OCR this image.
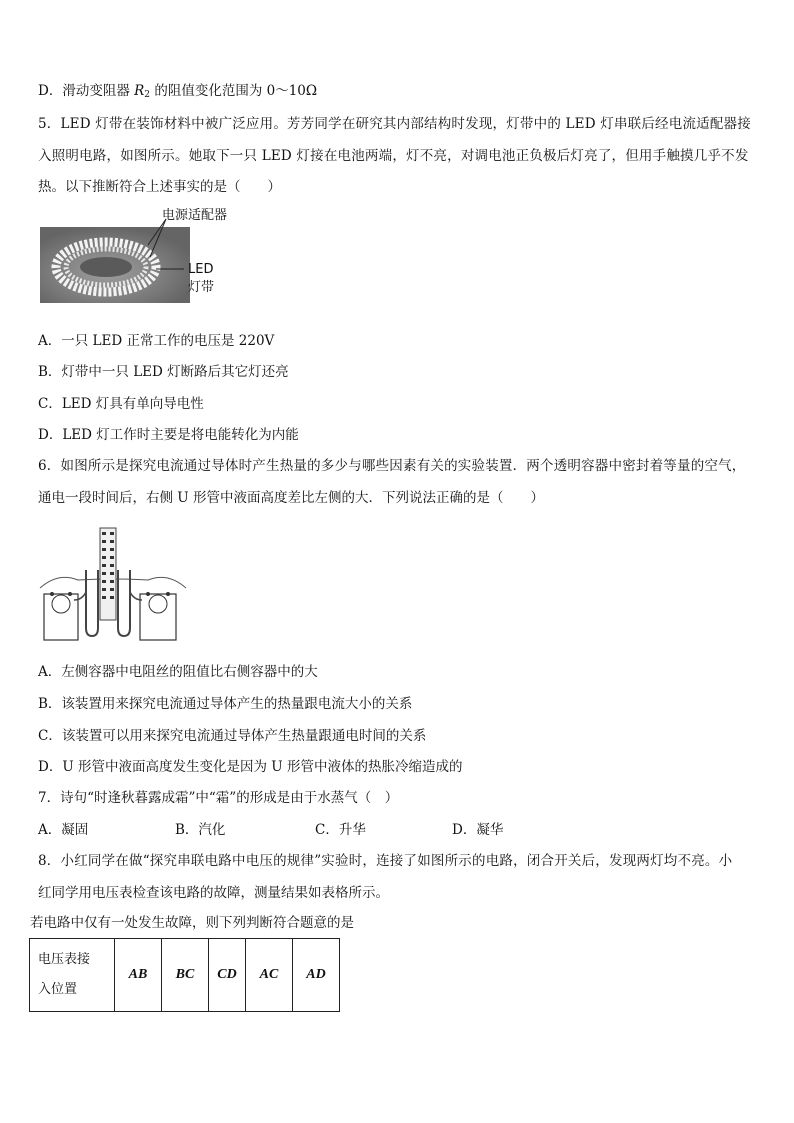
D．滑动变阻器 $R_2$ 的阻值变化范围为 0～10Ω
5．LED 灯带在装饰材料中被广泛应用。芳芳同学在研究其内部结构时发现，灯带中的 LED 灯串联后经电流适配器接
入照明电路，如图所示。她取下一只 LED 灯接在电池两端，灯不亮，对调电池正负极后灯亮了，但用手触摸几乎不发
热。以下推断符合上述事实的是（　　）
电源适配器
LED
灯带
A．一只 LED 正常工作的电压是 220V
B．灯带中一只 LED 灯断路后其它灯还亮
C．LED 灯具有单向导电性
D．LED 灯工作时主要是将电能转化为内能
6．如图所示是探究电流通过导体时产生热量的多少与哪些因素有关的实验装置．两个透明容器中密封着等量的空气，
通电一段时间后，右侧 U 形管中液面高度差比左侧的大．下列说法正确的是（　　）
A．左侧容器中电阻丝的阻值比右侧容器中的大
B．该装置用来探究电流通过导体产生的热量跟电流大小的关系
C．该装置可以用来探究电流通过导体产生热量跟通电时间的关系
D．U 形管中液面高度发生变化是因为 U 形管中液体的热胀冷缩造成的
7．诗句“时逢秋暮露成霜”中“霜”的形成是由于水蒸气（　）
A．凝固	B．汽化	C．升华	D．凝华
8．小红同学在做“探究串联电路中电压的规律”实验时，连接了如图所示的电路，闭合开关后，发现两灯均不亮。小
红同学用电压表检查该电路的故障，测量结果如表格所示。
若电路中仅有一处发生故障，则下列判断符合题意的是
电压表接
入位置
	AB	BC	CD	AC	AD
